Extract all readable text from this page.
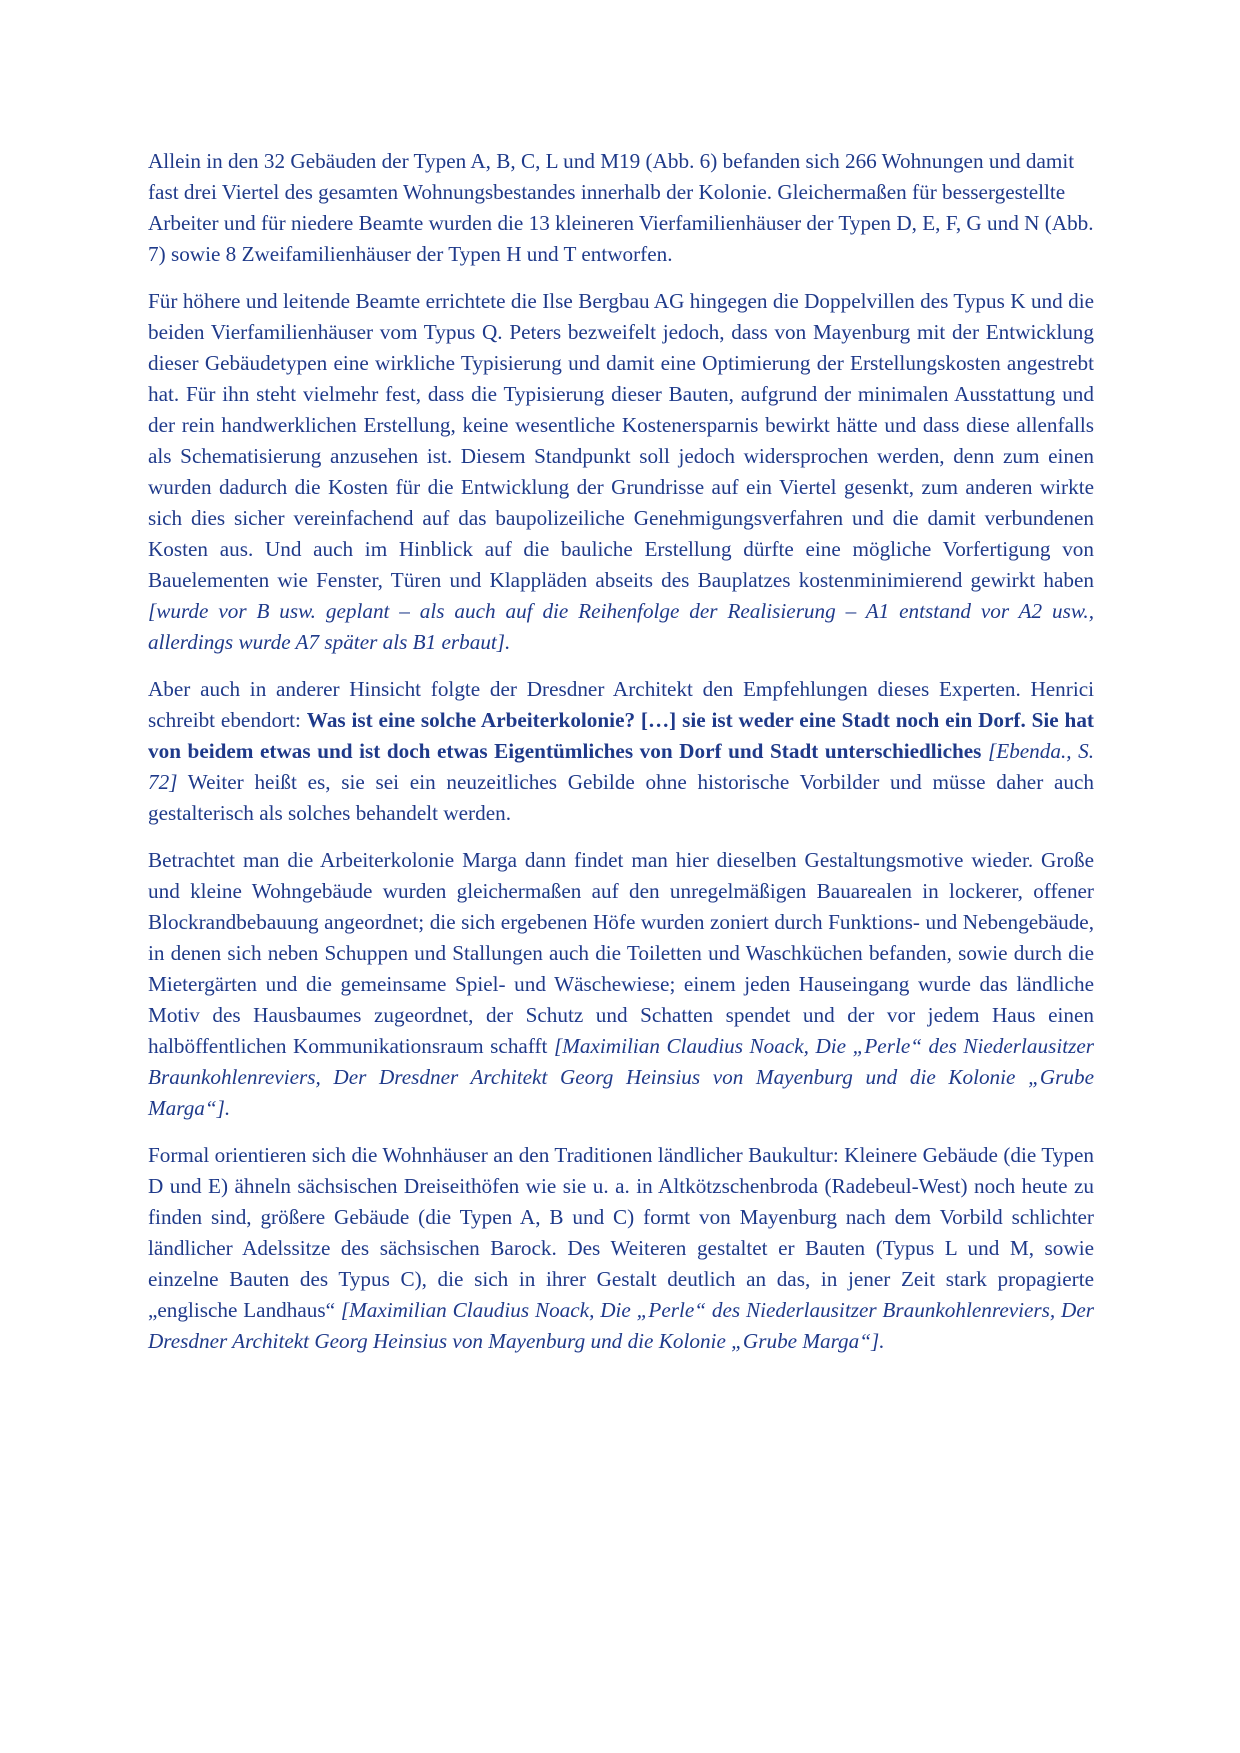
Allein in den 32 Gebäuden der Typen A, B, C, L und M19 (Abb. 6) befanden sich 266 Wohnungen und damit fast drei Viertel des gesamten Wohnungsbestandes innerhalb der Kolonie. Gleichermaßen für bessergestellte Arbeiter und für niedere Beamte wurden die 13 kleineren Vierfamilienhäuser der Typen D, E, F, G und N (Abb. 7) sowie 8 Zweifamilienhäuser der Typen H und T entworfen.

Für höhere und leitende Beamte errichtete die Ilse Bergbau AG hingegen die Doppelvillen des Typus K und die beiden Vierfamilienhäuser vom Typus Q. Peters bezweifelt jedoch, dass von Mayenburg mit der Entwicklung dieser Gebäudetypen eine wirkliche Typisierung und damit eine Optimierung der Erstellungskosten angestrebt hat. Für ihn steht vielmehr fest, dass die Typisierung dieser Bauten, aufgrund der minimalen Ausstattung und der rein handwerklichen Erstellung, keine wesentliche Kostenersparnis bewirkt hätte und dass diese allenfalls als Schematisierung anzusehen ist. Diesem Standpunkt soll jedoch widersprochen werden, denn zum einen wurden dadurch die Kosten für die Entwicklung der Grundrisse auf ein Viertel gesenkt, zum anderen wirkte sich dies sicher vereinfachend auf das baupolizeiliche Genehmigungsverfahren und die damit verbundenen Kosten aus. Und auch im Hinblick auf die bauliche Erstellung dürfte eine mögliche Vorfertigung von Bauelementen wie Fenster, Türen und Klappläden abseits des Bauplatzes kostenminimierend gewirkt haben [wurde vor B usw. geplant – als auch auf die Reihenfolge der Realisierung – A1 entstand vor A2 usw., allerdings wurde A7 später als B1 erbaut].

Aber auch in anderer Hinsicht folgte der Dresdner Architekt den Empfehlungen dieses Experten. Henrici schreibt ebendort: Was ist eine solche Arbeiterkolonie? […] sie ist weder eine Stadt noch ein Dorf. Sie hat von beidem etwas und ist doch etwas Eigentümliches von Dorf und Stadt unterschiedliches [Ebenda., S. 72] Weiter heißt es, sie sei ein neuzeitliches Gebilde ohne historische Vorbilder und müsse daher auch gestalterisch als solches behandelt werden.

Betrachtet man die Arbeiterkolonie Marga dann findet man hier dieselben Gestaltungsmotive wieder. Große und kleine Wohngebäude wurden gleichermaßen auf den unregelmäßigen Bauarealen in lockerer, offener Blockrandbebauung angeordnet; die sich ergebenen Höfe wurden zoniert durch Funktions- und Nebengebäude, in denen sich neben Schuppen und Stallungen auch die Toiletten und Waschküchen befanden, sowie durch die Mietergärten und die gemeinsame Spiel- und Wäschewiese; einem jeden Hauseingang wurde das ländliche Motiv des Hausbaumes zugeordnet, der Schutz und Schatten spendet und der vor jedem Haus einen halböffentlichen Kommunikationsraum schafft [Maximilian Claudius Noack, Die „Perle“ des Niederlausitzer Braunkohlenreviers, Der Dresdner Architekt Georg Heinsius von Mayenburg und die Kolonie „Grube Marga“].

Formal orientieren sich die Wohnhäuser an den Traditionen ländlicher Baukultur: Kleinere Gebäude (die Typen D und E) ähneln sächsischen Dreiseithöfen wie sie u. a. in Altkötzschenbroda (Radebeul-West) noch heute zu finden sind, größere Gebäude (die Typen A, B und C) formt von Mayenburg nach dem Vorbild schlichter ländlicher Adelssitze des sächsischen Barock. Des Weiteren gestaltet er Bauten (Typus L und M, sowie einzelne Bauten des Typus C), die sich in ihrer Gestalt deutlich an das, in jener Zeit stark propagierte „englische Landhaus“ [Maximilian Claudius Noack, Die „Perle“ des Niederlausitzer Braunkohlenreviers, Der Dresdner Architekt Georg Heinsius von Mayenburg und die Kolonie „Grube Marga“].
